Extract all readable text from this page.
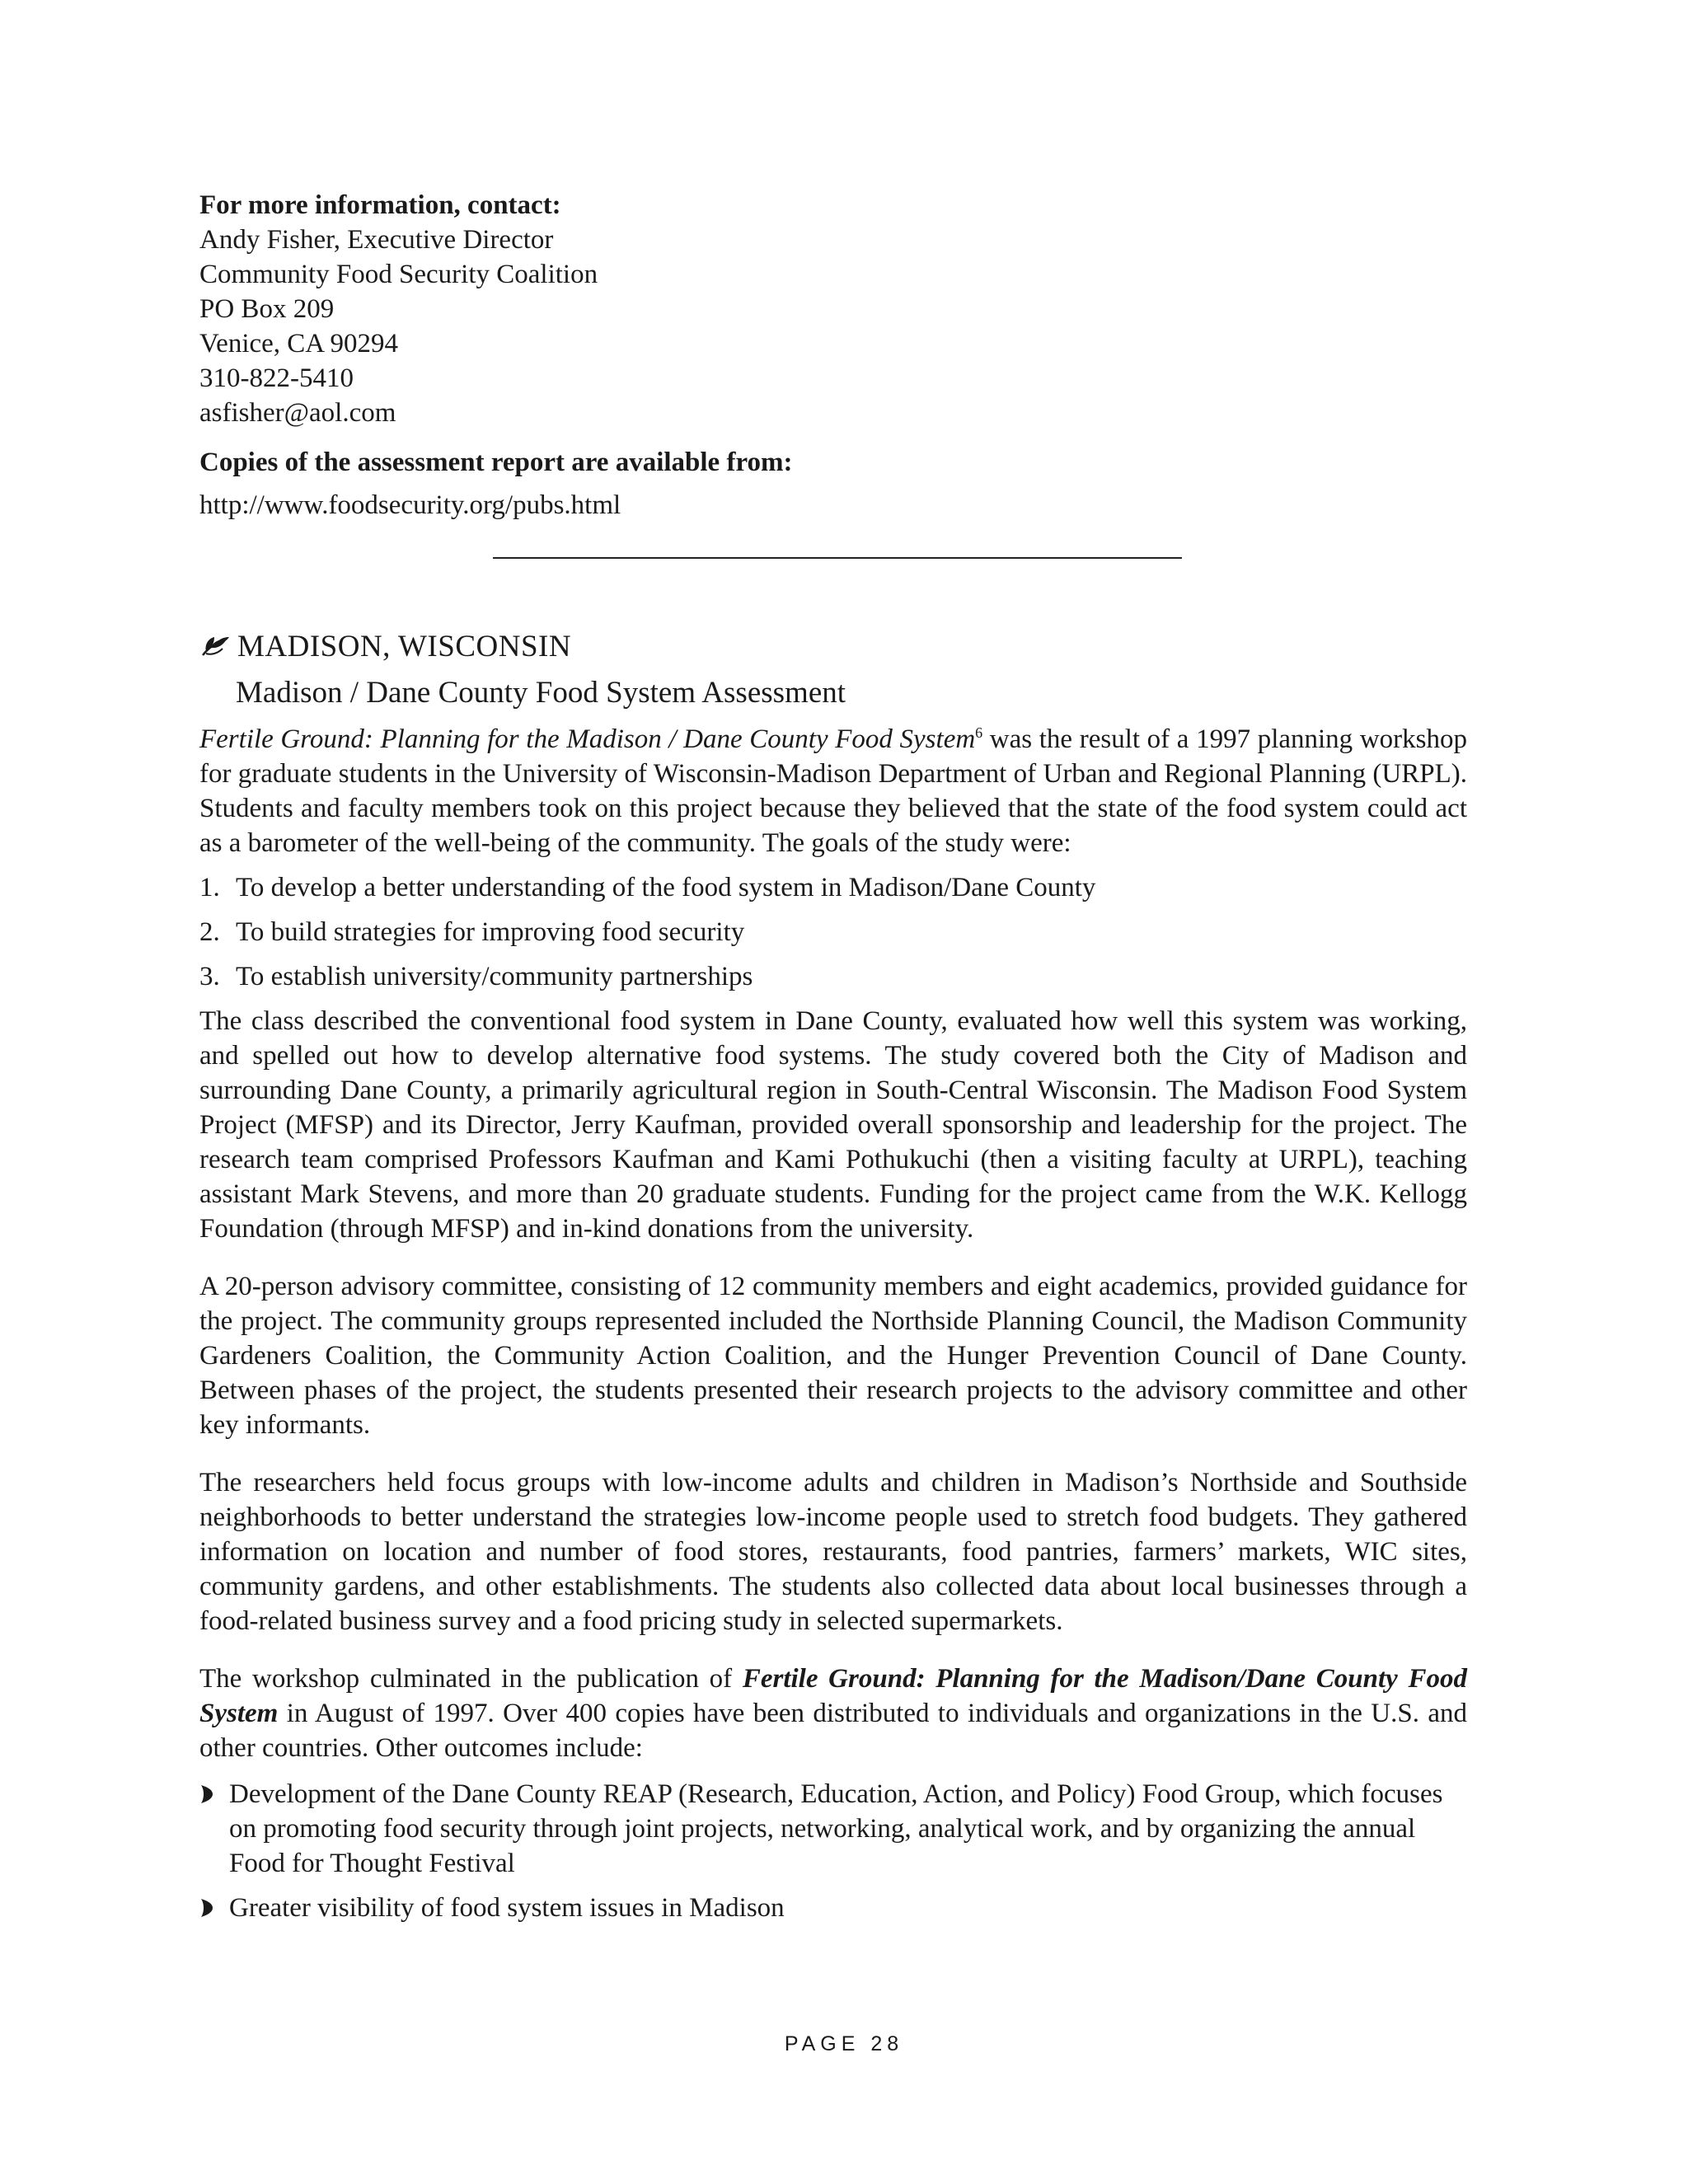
For more information, contact:

Andy Fisher, Executive Director

Community Food Security Coalition

PO Box 209

Venice, CA 90294

310-822-5410

asfisher@aol.com

Copies of the assessment report are available from:

http://www.foodsecurity.org/pubs.html

MADISON, WISCONSIN
Madison / Dane County Food System Assessment

Fertile Ground: Planning for the Madison / Dane County Food System$^6$ was the result of a 1997 planning workshop for graduate students in the University of Wisconsin-Madison Department of Urban and Regional Planning (URPL). Students and faculty members took on this project because they believed that the state of the food system could act as a barometer of the well-being of the community. The goals of the study were:

1. To develop a better understanding of the food system in Madison/Dane County
2. To build strategies for improving food security
3. To establish university/community partnerships

The class described the conventional food system in Dane County, evaluated how well this system was working, and spelled out how to develop alternative food systems. The study covered both the City of Madison and surrounding Dane County, a primarily agricultural region in South-Central Wisconsin. The Madison Food System Project (MFSP) and its Director, Jerry Kaufman, provided overall sponsorship and leadership for the project. The research team comprised Professors Kaufman and Kami Pothukuchi (then a visiting faculty at URPL), teaching assistant Mark Stevens, and more than 20 graduate students. Funding for the project came from the W.K. Kellogg Foundation (through MFSP) and in-kind donations from the university.

A 20-person advisory committee, consisting of 12 community members and eight academics, provided guidance for the project. The community groups represented included the Northside Planning Council, the Madison Community Gardeners Coalition, the Community Action Coalition, and the Hunger Prevention Council of Dane County. Between phases of the project, the students presented their research projects to the advisory committee and other key informants.

The researchers held focus groups with low-income adults and children in Madison’s Northside and Southside neighborhoods to better understand the strategies low-income people used to stretch food budgets. They gathered information on location and number of food stores, restaurants, food pantries, farmers’ markets, WIC sites, community gardens, and other establishments. The students also collected data about local businesses through a food-related business survey and a food pricing study in selected supermarkets.

The workshop culminated in the publication of Fertile Ground: Planning for the Madison/Dane County Food System in August of 1997. Over 400 copies have been distributed to individuals and organizations in the U.S. and other countries. Other outcomes include:

Development of the Dane County REAP (Research, Education, Action, and Policy) Food Group, which focuses on promoting food security through joint projects, networking, analytical work, and by organizing the annual Food for Thought Festival
Greater visibility of food system issues in Madison
PAGE 28
